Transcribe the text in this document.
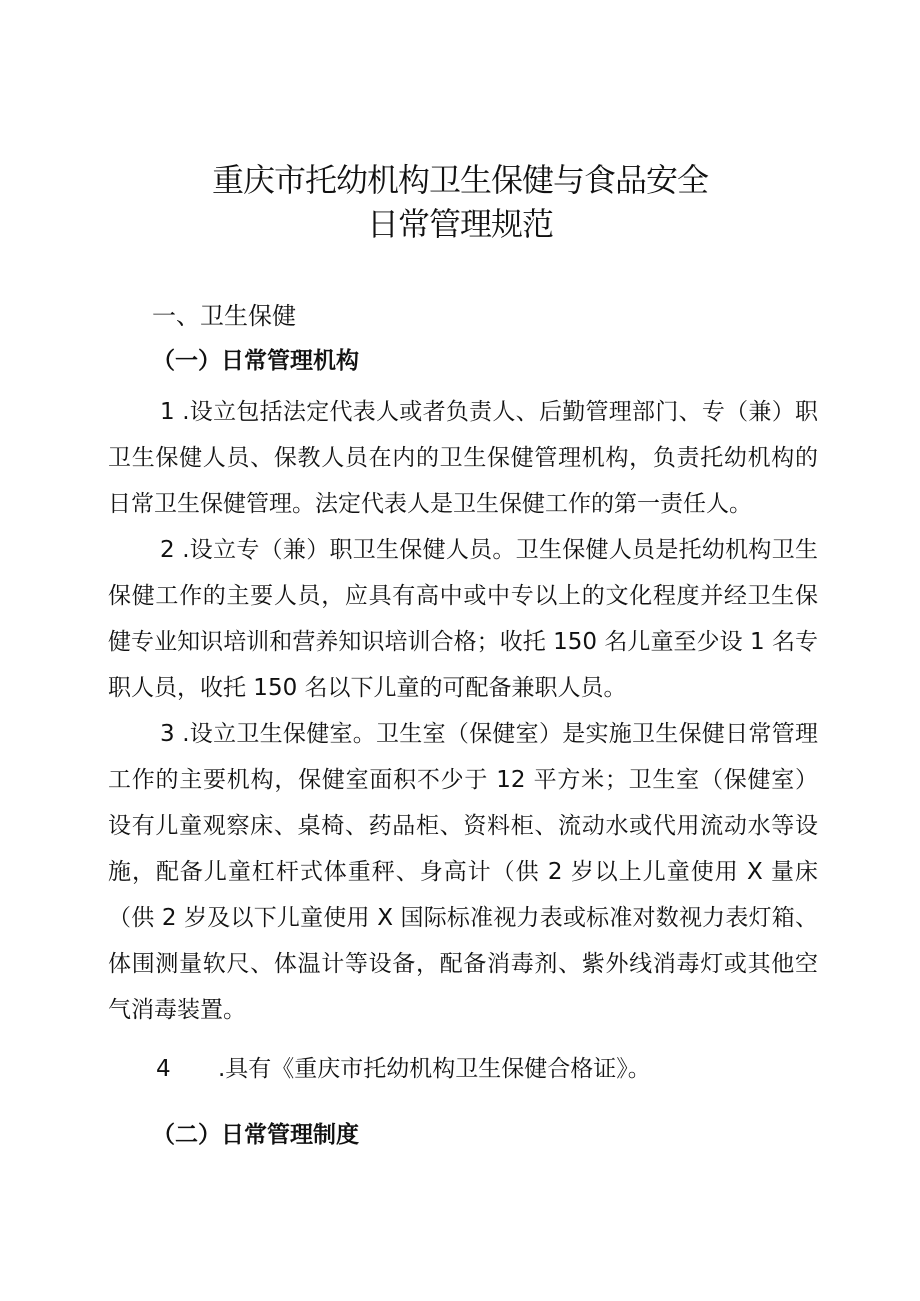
重庆市托幼机构卫生保健与食品安全
日常管理规范
一、卫生保健
（一）日常管理机构

1 .设立包括法定代表人或者负责人、后勤管理部门、专（兼）职卫生保健人员、保教人员在内的卫生保健管理机构，负责托幼机构的日常卫生保健管理。法定代表人是卫生保健工作的第一责任人。

2 .设立专（兼）职卫生保健人员。卫生保健人员是托幼机构卫生保健工作的主要人员，应具有高中或中专以上的文化程度并经卫生保健专业知识培训和营养知识培训合格；收托 150 名儿童至少设 1 名专职人员，收托 150 名以下儿童的可配备兼职人员。

3 .设立卫生保健室。卫生室（保健室）是实施卫生保健日常管理工作的主要机构，保健室面积不少于 12 平方米；卫生室（保健室）设有儿童观察床、桌椅、药品柜、资料柜、流动水或代用流动水等设施，配备儿童杠杆式体重秤、身高计（供 2 岁以上儿童使用 X 量床（供 2 岁及以下儿童使用 X 国际标准视力表或标准对数视力表灯箱、体围测量软尺、体温计等设备，配备消毒剂、紫外线消毒灯或其他空气消毒装置。

4 .具有《重庆市托幼机构卫生保健合格证》。
（二）日常管理制度
